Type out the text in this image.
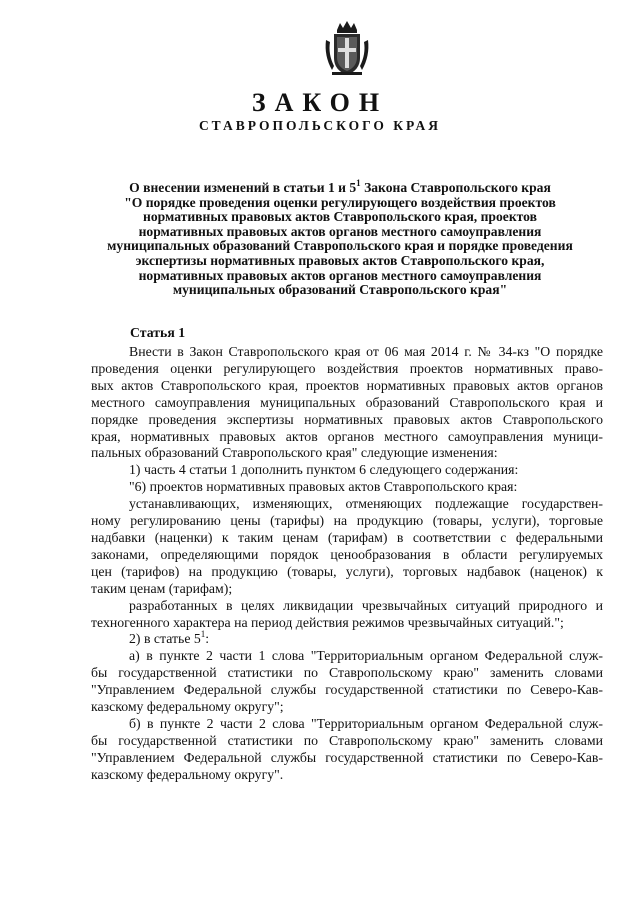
ЗАКОН
СТАВРОПОЛЬСКОГО КРАЯ
О внесении изменений в статьи 1 и $5^1$ Закона Ставропольского края
"О порядке проведения оценки регулирующего воздействия проектов
нормативных правовых актов Ставропольского края, проектов
нормативных правовых актов органов местного самоуправления
муниципальных образований Ставропольского края и порядке проведения
экспертизы нормативных правовых актов Ставропольского края,
нормативных правовых актов органов местного самоуправления
муниципальных образований Ставропольского края"
Статья 1
Внести в Закон Ставропольского края от 06 мая 2014 г. № 34-кз "О порядке
проведения оценки регулирующего воздействия проектов нормативных право-
вых актов Ставропольского края, проектов нормативных правовых актов органов
местного самоуправления муниципальных образований Ставропольского края и
порядке проведения экспертизы нормативных правовых актов Ставропольского
края, нормативных правовых актов органов местного самоуправления муници-
пальных образований Ставропольского края" следующие изменения:
1) часть 4 статьи 1 дополнить пунктом 6 следующего содержания:
"6) проектов нормативных правовых актов Ставропольского края:
устанавливающих, изменяющих, отменяющих подлежащие государствен-
ному регулированию цены (тарифы) на продукцию (товары, услуги), торговые
надбавки (наценки) к таким ценам (тарифам) в соответствии с федеральными
законами, определяющими порядок ценообразования в области регулируемых
цен (тарифов) на продукцию (товары, услуги), торговых надбавок (наценок) к
таким ценам (тарифам);
разработанных в целях ликвидации чрезвычайных ситуаций природного и
техногенного характера на период действия режимов чрезвычайных ситуаций.";
2) в статье $5^1$:
а) в пункте 2 части 1 слова "Территориальным органом Федеральной служ-
бы государственной статистики по Ставропольскому краю" заменить словами
"Управлением Федеральной службы государственной статистики по Северо-Кав-
казскому федеральному округу";
б) в пункте 2 части 2 слова "Территориальным органом Федеральной служ-
бы государственной статистики по Ставропольскому краю" заменить словами
"Управлением Федеральной службы государственной статистики по Северо-Кав-
казскому федеральному округу".
